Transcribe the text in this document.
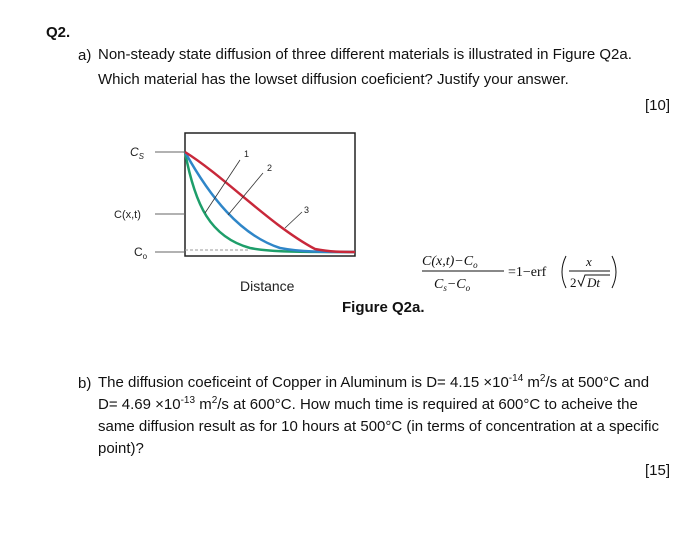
Q2.
a) Non-steady state diffusion of three different materials is illustrated in Figure Q2a.
Which material has the lowset diffusion coeficient? Justify your answer.
[10]
$C_S$
C(x,t)
$C_o$
1
2
3
Distance
$C(x,t)-C_o$
$C_s-C_o$
=1−erf
x
2 Dt
Figure Q2a.
b) The diffusion coeficeint of Copper in Aluminum is $D= 4.15 \times 10^{-14}$ $m^2/s$ at 500°C and
$D= 4.69 \times 10^{-13}$ $m^2/s$ at 600°C. How much time is required at 600°C to acheive the
same diffusion result as for 10 hours at 500°C (in terms of concentration at a specific
point)?
[15]
